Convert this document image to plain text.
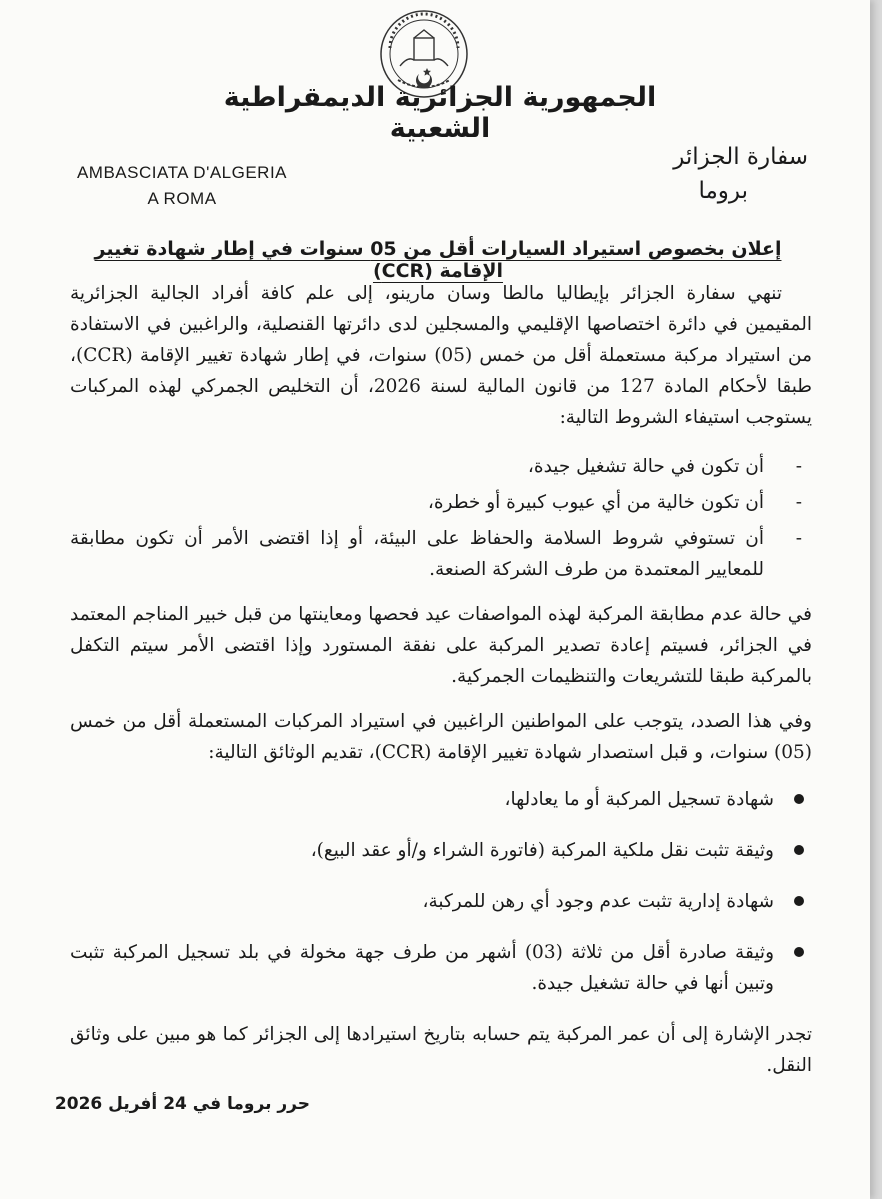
الجمهورية الجزائرية الديمقراطية الشعبية
AMBASCIATA D'ALGERIA
A ROMA
سفارة الجزائر
بروما
إعلان بخصوص استيراد السيارات أقل من 05 سنوات في إطار شهادة تغيير الإقامة (CCR)

تنهي سفارة الجزائر بإيطاليا مالطا وسان مارينو، إلى علم كافة أفراد الجالية الجزائرية المقيمين في دائرة اختصاصها الإقليمي والمسجلين لدى دائرتها القنصلية، والراغبين في الاستفادة من استيراد مركبة مستعملة أقل من خمس (05) سنوات، في إطار شهادة تغيير الإقامة (CCR)، طبقا لأحكام المادة 127 من قانون المالية لسنة 2026، أن التخليص الجمركي لهذه المركبات يستوجب استيفاء الشروط التالية:

- أن تكون في حالة تشغيل جيدة،
- أن تكون خالية من أي عيوب كبيرة أو خطرة،
- أن تستوفي شروط السلامة والحفاظ على البيئة، أو إذا اقتضى الأمر أن تكون مطابقة للمعايير المعتمدة من طرف الشركة الصنعة.

في حالة عدم مطابقة المركبة لهذه المواصفات عيد فحصها ومعاينتها من قبل خبير المناجم المعتمد في الجزائر، فسيتم إعادة تصدير المركبة على نفقة المستورد وإذا اقتضى الأمر سيتم التكفل بالمركبة طبقا للتشريعات والتنظيمات الجمركية.

وفي هذا الصدد، يتوجب على المواطنين الراغبين في استيراد المركبات المستعملة أقل من خمس (05) سنوات، و قبل استصدار شهادة تغيير الإقامة (CCR)، تقديم الوثائق التالية:

شهادة تسجيل المركبة أو ما يعادلها،
وثيقة تثبت نقل ملكية المركبة (فاتورة الشراء و/أو عقد البيع)،
شهادة إدارية تثبت عدم وجود أي رهن للمركبة،
وثيقة صادرة أقل من ثلاثة (03) أشهر من طرف جهة مخولة في بلد تسجيل المركبة تثبت وتبين أنها في حالة تشغيل جيدة.

تجدر الإشارة إلى أن عمر المركبة يتم حسابه بتاريخ استيرادها إلى الجزائر كما هو مبين على وثائق النقل.

حرر بروما في 24 أفريل 2026
